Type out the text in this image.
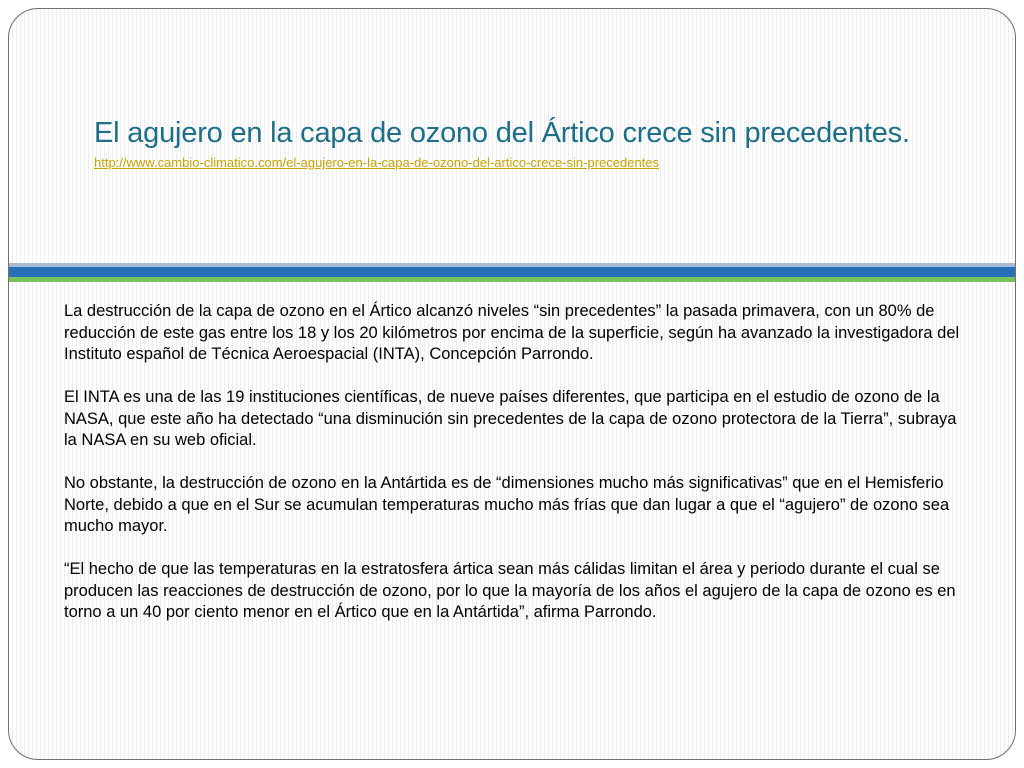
El agujero en la capa de ozono del Ártico crece sin precedentes.
http://www.cambio-climatico.com/el-agujero-en-la-capa-de-ozono-del-artico-crece-sin-precedentes

La destrucción de la capa de ozono en el Ártico alcanzó niveles “sin precedentes” la pasada primavera, con un 80% de reducción de este gas entre los 18 y los 20 kilómetros por encima de la superficie, según ha avanzado la investigadora del Instituto español de Técnica Aeroespacial (INTA), Concepción Parrondo.

El INTA es una de las 19 instituciones científicas, de nueve países diferentes, que participa en el estudio de ozono de la NASA, que este año ha detectado “una disminución sin precedentes de la capa de ozono protectora de la Tierra”, subraya la NASA en su web oficial.

No obstante, la destrucción de ozono en la Antártida es de “dimensiones mucho más significativas” que en el Hemisferio Norte, debido a que en el Sur se acumulan temperaturas mucho más frías que dan lugar a que el “agujero” de ozono sea mucho mayor.

“El hecho de que las temperaturas en la estratosfera ártica sean más cálidas limitan el área y periodo durante el cual se producen las reacciones de destrucción de ozono, por lo que la mayoría de los años el agujero de la capa de ozono es en torno a un 40 por ciento menor en el Ártico que en la Antártida”, afirma Parrondo.
